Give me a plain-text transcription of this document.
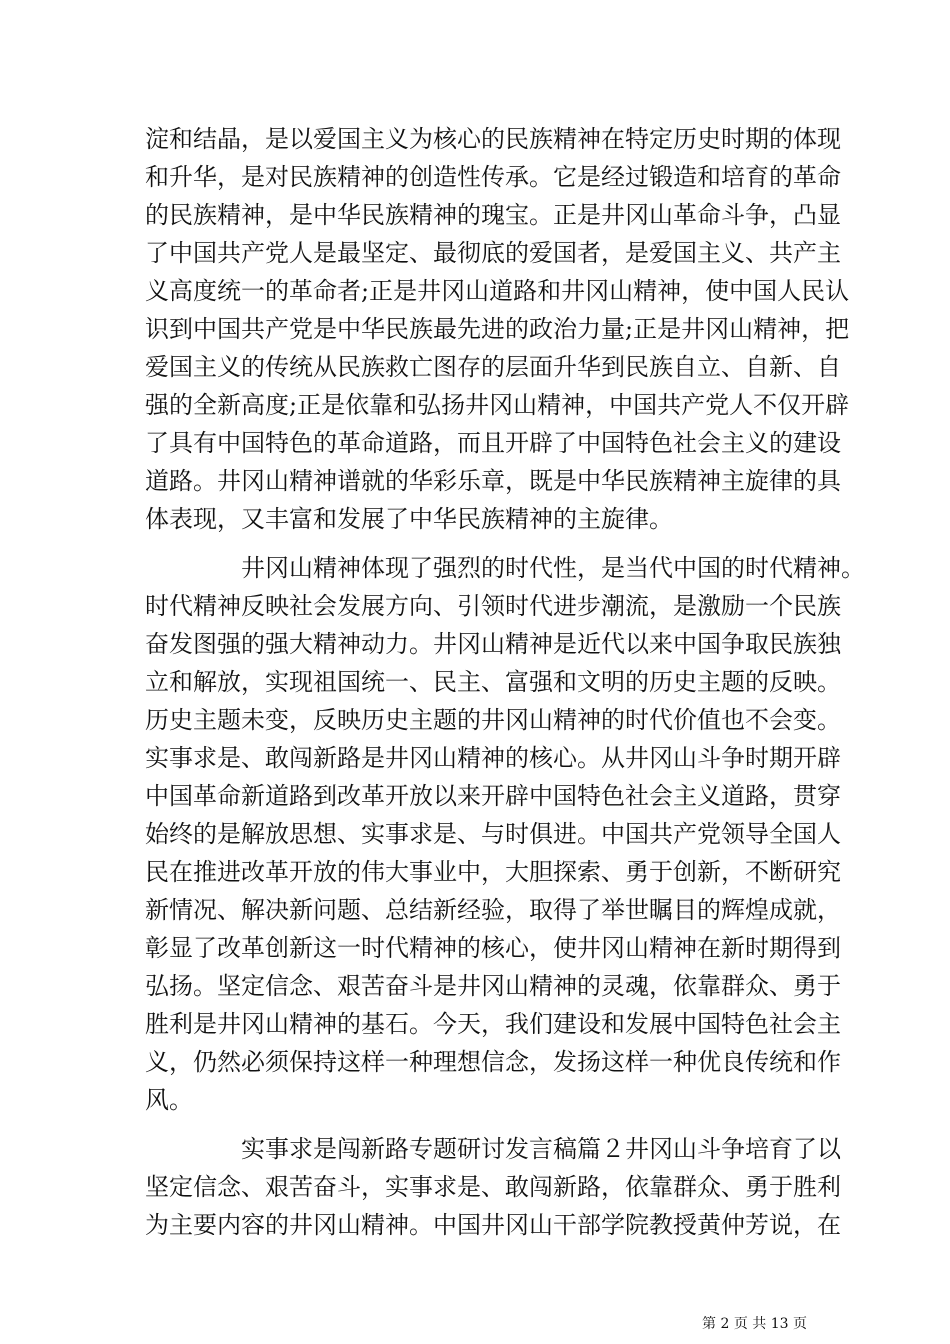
淀和结晶，是以爱国主义为核心的民族精神在特定历史时期的体现
和升华，是对民族精神的创造性传承。它是经过锻造和培育的革命
的民族精神，是中华民族精神的瑰宝。正是井冈山革命斗争，凸显
了中国共产党人是最坚定、最彻底的爱国者，是爱国主义、共产主
义高度统一的革命者;正是井冈山道路和井冈山精神，使中国人民认
识到中国共产党是中华民族最先进的政治力量;正是井冈山精神，把
爱国主义的传统从民族救亡图存的层面升华到民族自立、自新、自
强的全新高度;正是依靠和弘扬井冈山精神，中国共产党人不仅开辟
了具有中国特色的革命道路，而且开辟了中国特色社会主义的建设
道路。井冈山精神谱就的华彩乐章，既是中华民族精神主旋律的具
体表现，又丰富和发展了中华民族精神的主旋律。
井冈山精神体现了强烈的时代性，是当代中国的时代精神。
时代精神反映社会发展方向、引领时代进步潮流，是激励一个民族
奋发图强的强大精神动力。井冈山精神是近代以来中国争取民族独
立和解放，实现祖国统一、民主、富强和文明的历史主题的反映。
历史主题未变，反映历史主题的井冈山精神的时代价值也不会变。
实事求是、敢闯新路是井冈山精神的核心。从井冈山斗争时期开辟
中国革命新道路到改革开放以来开辟中国特色社会主义道路，贯穿
始终的是解放思想、实事求是、与时俱进。中国共产党领导全国人
民在推进改革开放的伟大事业中，大胆探索、勇于创新，不断研究
新情况、解决新问题、总结新经验，取得了举世瞩目的辉煌成就，
彰显了改革创新这一时代精神的核心，使井冈山精神在新时期得到
弘扬。坚定信念、艰苦奋斗是井冈山精神的灵魂，依靠群众、勇于
胜利是井冈山精神的基石。今天，我们建设和发展中国特色社会主
义，仍然必须保持这样一种理想信念，发扬这样一种优良传统和作
风。
实事求是闯新路专题研讨发言稿篇２井冈山斗争培育了以
坚定信念、艰苦奋斗，实事求是、敢闯新路，依靠群众、勇于胜利
为主要内容的井冈山精神。中国井冈山干部学院教授黄仲芳说，在
第 2 页 共 13 页
